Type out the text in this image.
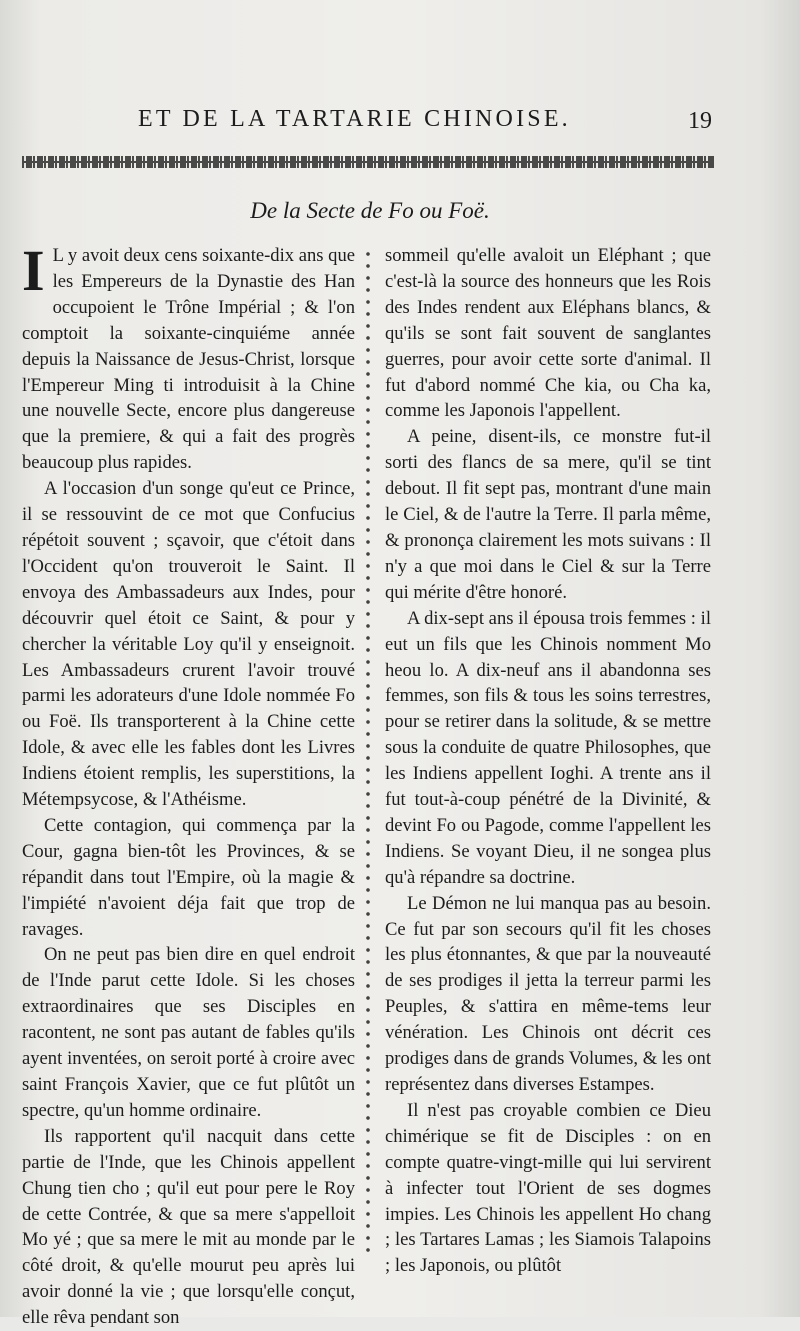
ET DE LA TARTARIE CHINOISE.	19
De la Secte de Fo ou Foë.

I L y avoit deux cens soixante-dix ans que les Empereurs de la Dynastie des Han occupoient le Trône Impérial ; & l'on comptoit la soixante-cinquiéme année depuis la Naissance de Jesus-Christ, lorsque l'Empereur Ming ti introduisit à la Chine une nouvelle Secte, encore plus dangereuse que la premiere, & qui a fait des progrès beaucoup plus rapides.

A l'occasion d'un songe qu'eut ce Prince, il se ressouvint de ce mot que Confucius répétoit souvent ; sçavoir, que c'étoit dans l'Occident qu'on trouveroit le Saint. Il envoya des Ambassadeurs aux Indes, pour découvrir quel étoit ce Saint, & pour y chercher la véritable Loy qu'il y enseignoit. Les Ambassadeurs crurent l'avoir trouvé parmi les adorateurs d'une Idole nommée Fo ou Foë. Ils transporterent à la Chine cette Idole, & avec elle les fables dont les Livres Indiens étoient remplis, les superstitions, la Métempsycose, & l'Athéisme.

Cette contagion, qui commença par la Cour, gagna bien-tôt les Provinces, & se répandit dans tout l'Empire, où la magie & l'impiété n'avoient déja fait que trop de ravages.

On ne peut pas bien dire en quel endroit de l'Inde parut cette Idole. Si les choses extraordinaires que ses Disciples en racontent, ne sont pas autant de fables qu'ils ayent inventées, on seroit porté à croire avec saint François Xavier, que ce fut plûtôt un spectre, qu'un homme ordinaire.

Ils rapportent qu'il nacquit dans cette partie de l'Inde, que les Chinois appellent Chung tien cho ; qu'il eut pour pere le Roy de cette Contrée, & que sa mere s'appelloit Mo yé ; que sa mere le mit au monde par le côté droit, & qu'elle mourut peu après lui avoir donné la vie ; que lorsqu'elle conçut, elle rêva pendant son

sommeil qu'elle avaloit un Eléphant ; que c'est-là la source des honneurs que les Rois des Indes rendent aux Eléphans blancs, & qu'ils se sont fait souvent de sanglantes guerres, pour avoir cette sorte d'animal. Il fut d'abord nommé Che kia, ou Cha ka, comme les Japonois l'appellent.

A peine, disent-ils, ce monstre fut-il sorti des flancs de sa mere, qu'il se tint debout. Il fit sept pas, montrant d'une main le Ciel, & de l'autre la Terre. Il parla même, & prononça clairement les mots suivans : Il n'y a que moi dans le Ciel & sur la Terre qui mérite d'être honoré.

A dix-sept ans il épousa trois femmes : il eut un fils que les Chinois nomment Mo heou lo. A dix-neuf ans il abandonna ses femmes, son fils & tous les soins terrestres, pour se retirer dans la solitude, & se mettre sous la conduite de quatre Philosophes, que les Indiens appellent Ioghi. A trente ans il fut tout-à-coup pénétré de la Divinité, & devint Fo ou Pagode, comme l'appellent les Indiens. Se voyant Dieu, il ne songea plus qu'à répandre sa doctrine.

Le Démon ne lui manqua pas au besoin. Ce fut par son secours qu'il fit les choses les plus étonnantes, & que par la nouveauté de ses prodiges il jetta la terreur parmi les Peuples, & s'attira en même-tems leur vénération. Les Chinois ont décrit ces prodiges dans de grands Volumes, & les ont représentez dans diverses Estampes.

Il n'est pas croyable combien ce Dieu chimérique se fit de Disciples : on en compte quatre-vingt-mille qui lui servirent à infecter tout l'Orient de ses dogmes impies. Les Chinois les appellent Ho chang ; les Tartares Lamas ; les Siamois Talapoins ; les Japonois, ou plûtôt
